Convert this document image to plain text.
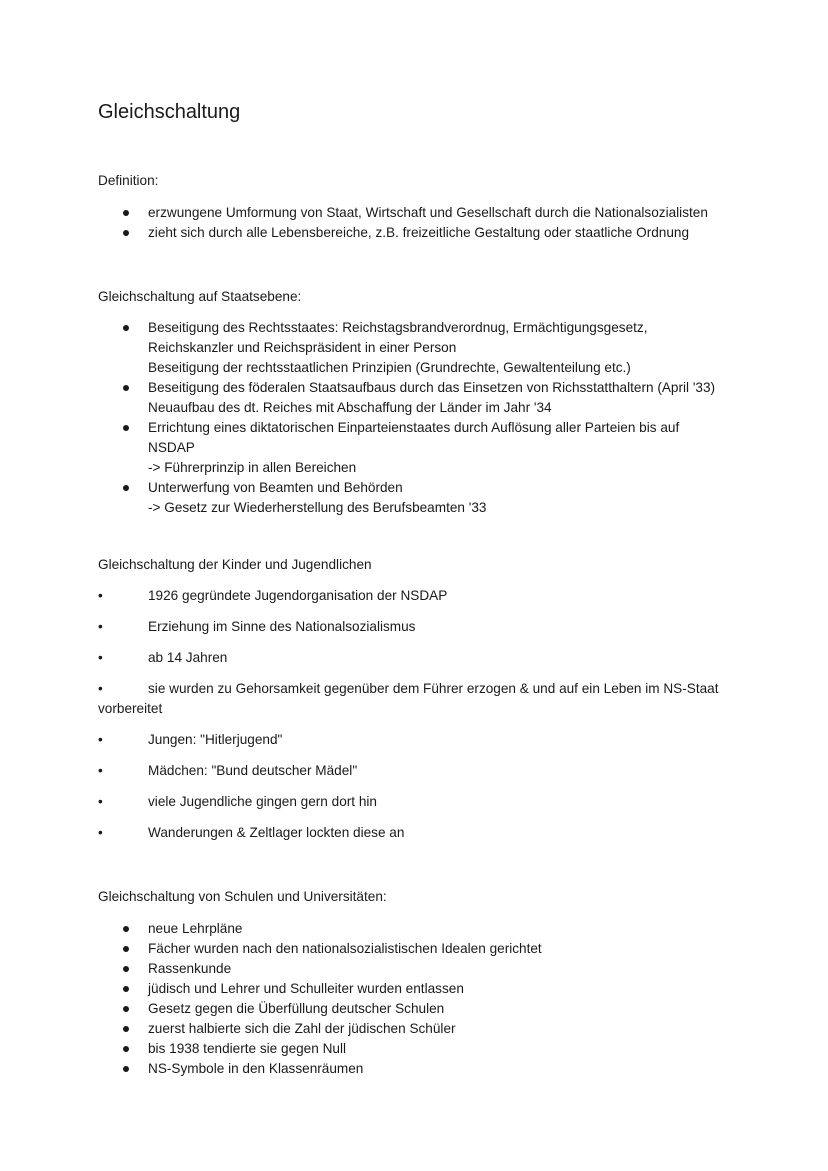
Gleichschaltung

Definition:

erzwungene Umformung von Staat, Wirtschaft und Gesellschaft durch die Nationalsozialisten
zieht sich durch alle Lebensbereiche, z.B. freizeitliche Gestaltung oder staatliche Ordnung

Gleichschaltung auf Staatsebene:

Beseitigung des Rechtsstaates: Reichstagsbrandverordnug, Ermächtigungsgesetz,
Reichskanzler und Reichspräsident in einer Person
Beseitigung der rechtsstaatlichen Prinzipien (Grundrechte, Gewaltenteilung etc.)
Beseitigung des föderalen Staatsaufbaus durch das Einsetzen von Richsstatthaltern (April '33)
Neuaufbau des dt. Reiches mit Abschaffung der Länder im Jahr '34
Errichtung eines diktatorischen Einparteienstaates durch Auflösung aller Parteien bis auf
NSDAP
-> Führerprinzip in allen Bereichen
Unterwerfung von Beamten und Behörden
-> Gesetz zur Wiederherstellung des Berufsbeamten '33

Gleichschaltung der Kinder und Jugendlichen

•	1926 gegründete Jugendorganisation der NSDAP
•	Erziehung im Sinne des Nationalsozialismus
•	ab 14 Jahren
•	sie wurden zu Gehorsamkeit gegenüber dem Führer erzogen & und auf ein Leben im NS-Staat vorbereitet
•	Jungen: "Hitlerjugend"
•	Mädchen: "Bund deutscher Mädel"
•	viele Jugendliche gingen gern dort hin
•	Wanderungen & Zeltlager lockten diese an

Gleichschaltung von Schulen und Universitäten:

neue Lehrpläne
Fächer wurden nach den nationalsozialistischen Idealen gerichtet
Rassenkunde
jüdisch und Lehrer und Schulleiter wurden entlassen
Gesetz gegen die Überfüllung deutscher Schulen
zuerst halbierte sich die Zahl der jüdischen Schüler
bis 1938 tendierte sie gegen Null
NS-Symbole in den Klassenräumen
